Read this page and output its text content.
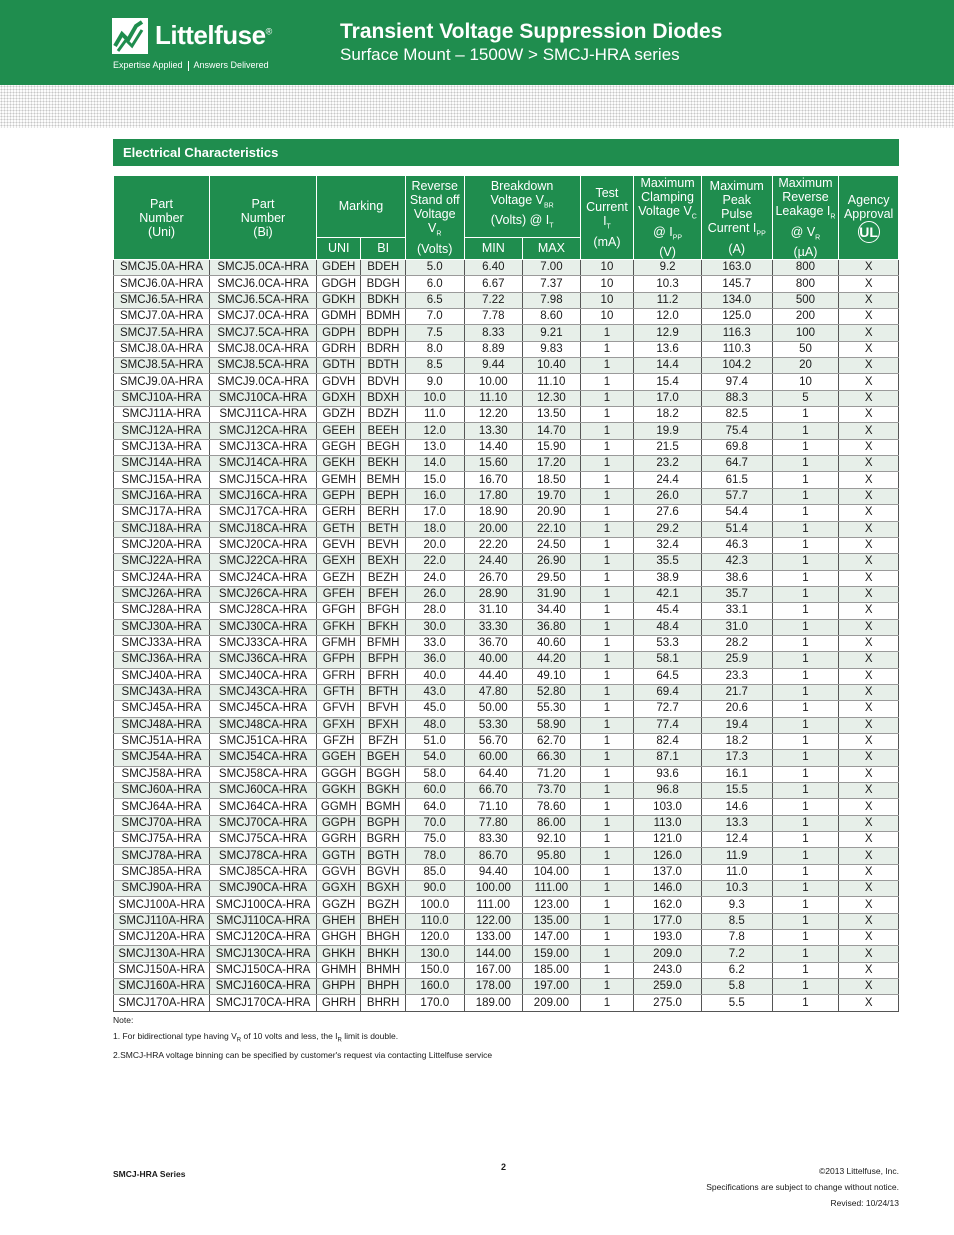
Littelfuse®
Expertise Applied Answers Delivered
Transient Voltage Suppression Diodes
Surface Mount – 1500W > SMCJ-HRA series
Electrical Characteristics
Part
Number
(Uni)	Part
Number
(Bi)	Marking		Reverse
Stand off
Voltage
$V_R$
(Volts)	Breakdown
Voltage $V_{BR}$
(Volts) @ $I_T$		Test
Current
$I_T$
(mA)	Maximum
Clamping
Voltage $V_C$
@ $I_{PP}$
(V)	Maximum
Peak
Pulse
Current $I_{PP}$
(A)	Maximum
Reverse
Leakage $I_R$
@ $V_R$
(µA)	Agency
Approval
UL
		UNI	BI		MIN	MAX					
SMCJ5.0A-HRA	SMCJ5.0CA-HRA	GDEH	BDEH	5.0	6.40	7.00	10	9.2	163.0	800	X
SMCJ6.0A-HRA	SMCJ6.0CA-HRA	GDGH	BDGH	6.0	6.67	7.37	10	10.3	145.7	800	X
SMCJ6.5A-HRA	SMCJ6.5CA-HRA	GDKH	BDKH	6.5	7.22	7.98	10	11.2	134.0	500	X
SMCJ7.0A-HRA	SMCJ7.0CA-HRA	GDMH	BDMH	7.0	7.78	8.60	10	12.0	125.0	200	X
SMCJ7.5A-HRA	SMCJ7.5CA-HRA	GDPH	BDPH	7.5	8.33	9.21	1	12.9	116.3	100	X
SMCJ8.0A-HRA	SMCJ8.0CA-HRA	GDRH	BDRH	8.0	8.89	9.83	1	13.6	110.3	50	X
SMCJ8.5A-HRA	SMCJ8.5CA-HRA	GDTH	BDTH	8.5	9.44	10.40	1	14.4	104.2	20	X
SMCJ9.0A-HRA	SMCJ9.0CA-HRA	GDVH	BDVH	9.0	10.00	11.10	1	15.4	97.4	10	X
SMCJ10A-HRA	SMCJ10CA-HRA	GDXH	BDXH	10.0	11.10	12.30	1	17.0	88.3	5	X
SMCJ11A-HRA	SMCJ11CA-HRA	GDZH	BDZH	11.0	12.20	13.50	1	18.2	82.5	1	X
SMCJ12A-HRA	SMCJ12CA-HRA	GEEH	BEEH	12.0	13.30	14.70	1	19.9	75.4	1	X
SMCJ13A-HRA	SMCJ13CA-HRA	GEGH	BEGH	13.0	14.40	15.90	1	21.5	69.8	1	X
SMCJ14A-HRA	SMCJ14CA-HRA	GEKH	BEKH	14.0	15.60	17.20	1	23.2	64.7	1	X
SMCJ15A-HRA	SMCJ15CA-HRA	GEMH	BEMH	15.0	16.70	18.50	1	24.4	61.5	1	X
SMCJ16A-HRA	SMCJ16CA-HRA	GEPH	BEPH	16.0	17.80	19.70	1	26.0	57.7	1	X
SMCJ17A-HRA	SMCJ17CA-HRA	GERH	BERH	17.0	18.90	20.90	1	27.6	54.4	1	X
SMCJ18A-HRA	SMCJ18CA-HRA	GETH	BETH	18.0	20.00	22.10	1	29.2	51.4	1	X
SMCJ20A-HRA	SMCJ20CA-HRA	GEVH	BEVH	20.0	22.20	24.50	1	32.4	46.3	1	X
SMCJ22A-HRA	SMCJ22CA-HRA	GEXH	BEXH	22.0	24.40	26.90	1	35.5	42.3	1	X
SMCJ24A-HRA	SMCJ24CA-HRA	GEZH	BEZH	24.0	26.70	29.50	1	38.9	38.6	1	X
SMCJ26A-HRA	SMCJ26CA-HRA	GFEH	BFEH	26.0	28.90	31.90	1	42.1	35.7	1	X
SMCJ28A-HRA	SMCJ28CA-HRA	GFGH	BFGH	28.0	31.10	34.40	1	45.4	33.1	1	X
SMCJ30A-HRA	SMCJ30CA-HRA	GFKH	BFKH	30.0	33.30	36.80	1	48.4	31.0	1	X
SMCJ33A-HRA	SMCJ33CA-HRA	GFMH	BFMH	33.0	36.70	40.60	1	53.3	28.2	1	X
SMCJ36A-HRA	SMCJ36CA-HRA	GFPH	BFPH	36.0	40.00	44.20	1	58.1	25.9	1	X
SMCJ40A-HRA	SMCJ40CA-HRA	GFRH	BFRH	40.0	44.40	49.10	1	64.5	23.3	1	X
SMCJ43A-HRA	SMCJ43CA-HRA	GFTH	BFTH	43.0	47.80	52.80	1	69.4	21.7	1	X
SMCJ45A-HRA	SMCJ45CA-HRA	GFVH	BFVH	45.0	50.00	55.30	1	72.7	20.6	1	X
SMCJ48A-HRA	SMCJ48CA-HRA	GFXH	BFXH	48.0	53.30	58.90	1	77.4	19.4	1	X
SMCJ51A-HRA	SMCJ51CA-HRA	GFZH	BFZH	51.0	56.70	62.70	1	82.4	18.2	1	X
SMCJ54A-HRA	SMCJ54CA-HRA	GGEH	BGEH	54.0	60.00	66.30	1	87.1	17.3	1	X
SMCJ58A-HRA	SMCJ58CA-HRA	GGGH	BGGH	58.0	64.40	71.20	1	93.6	16.1	1	X
SMCJ60A-HRA	SMCJ60CA-HRA	GGKH	BGKH	60.0	66.70	73.70	1	96.8	15.5	1	X
SMCJ64A-HRA	SMCJ64CA-HRA	GGMH	BGMH	64.0	71.10	78.60	1	103.0	14.6	1	X
SMCJ70A-HRA	SMCJ70CA-HRA	GGPH	BGPH	70.0	77.80	86.00	1	113.0	13.3	1	X
SMCJ75A-HRA	SMCJ75CA-HRA	GGRH	BGRH	75.0	83.30	92.10	1	121.0	12.4	1	X
SMCJ78A-HRA	SMCJ78CA-HRA	GGTH	BGTH	78.0	86.70	95.80	1	126.0	11.9	1	X
SMCJ85A-HRA	SMCJ85CA-HRA	GGVH	BGVH	85.0	94.40	104.00	1	137.0	11.0	1	X
SMCJ90A-HRA	SMCJ90CA-HRA	GGXH	BGXH	90.0	100.00	111.00	1	146.0	10.3	1	X
SMCJ100A-HRA	SMCJ100CA-HRA	GGZH	BGZH	100.0	111.00	123.00	1	162.0	9.3	1	X
SMCJ110A-HRA	SMCJ110CA-HRA	GHEH	BHEH	110.0	122.00	135.00	1	177.0	8.5	1	X
SMCJ120A-HRA	SMCJ120CA-HRA	GHGH	BHGH	120.0	133.00	147.00	1	193.0	7.8	1	X
SMCJ130A-HRA	SMCJ130CA-HRA	GHKH	BHKH	130.0	144.00	159.00	1	209.0	7.2	1	X
SMCJ150A-HRA	SMCJ150CA-HRA	GHMH	BHMH	150.0	167.00	185.00	1	243.0	6.2	1	X
SMCJ160A-HRA	SMCJ160CA-HRA	GHPH	BHPH	160.0	178.00	197.00	1	259.0	5.8	1	X
SMCJ170A-HRA	SMCJ170CA-HRA	GHRH	BHRH	170.0	189.00	209.00	1	275.0	5.5	1	X
Note:
1. For bidirectional type having $V_R$ of 10 volts and less, the $I_R$ limit is double.
2.SMCJ-HRA voltage binning can be specified by customer's request via contacting Littelfuse service
SMCJ-HRA Series
2	©2013 Littelfuse, Inc.
Specifications are subject to change without notice.
Revised: 10/24/13
